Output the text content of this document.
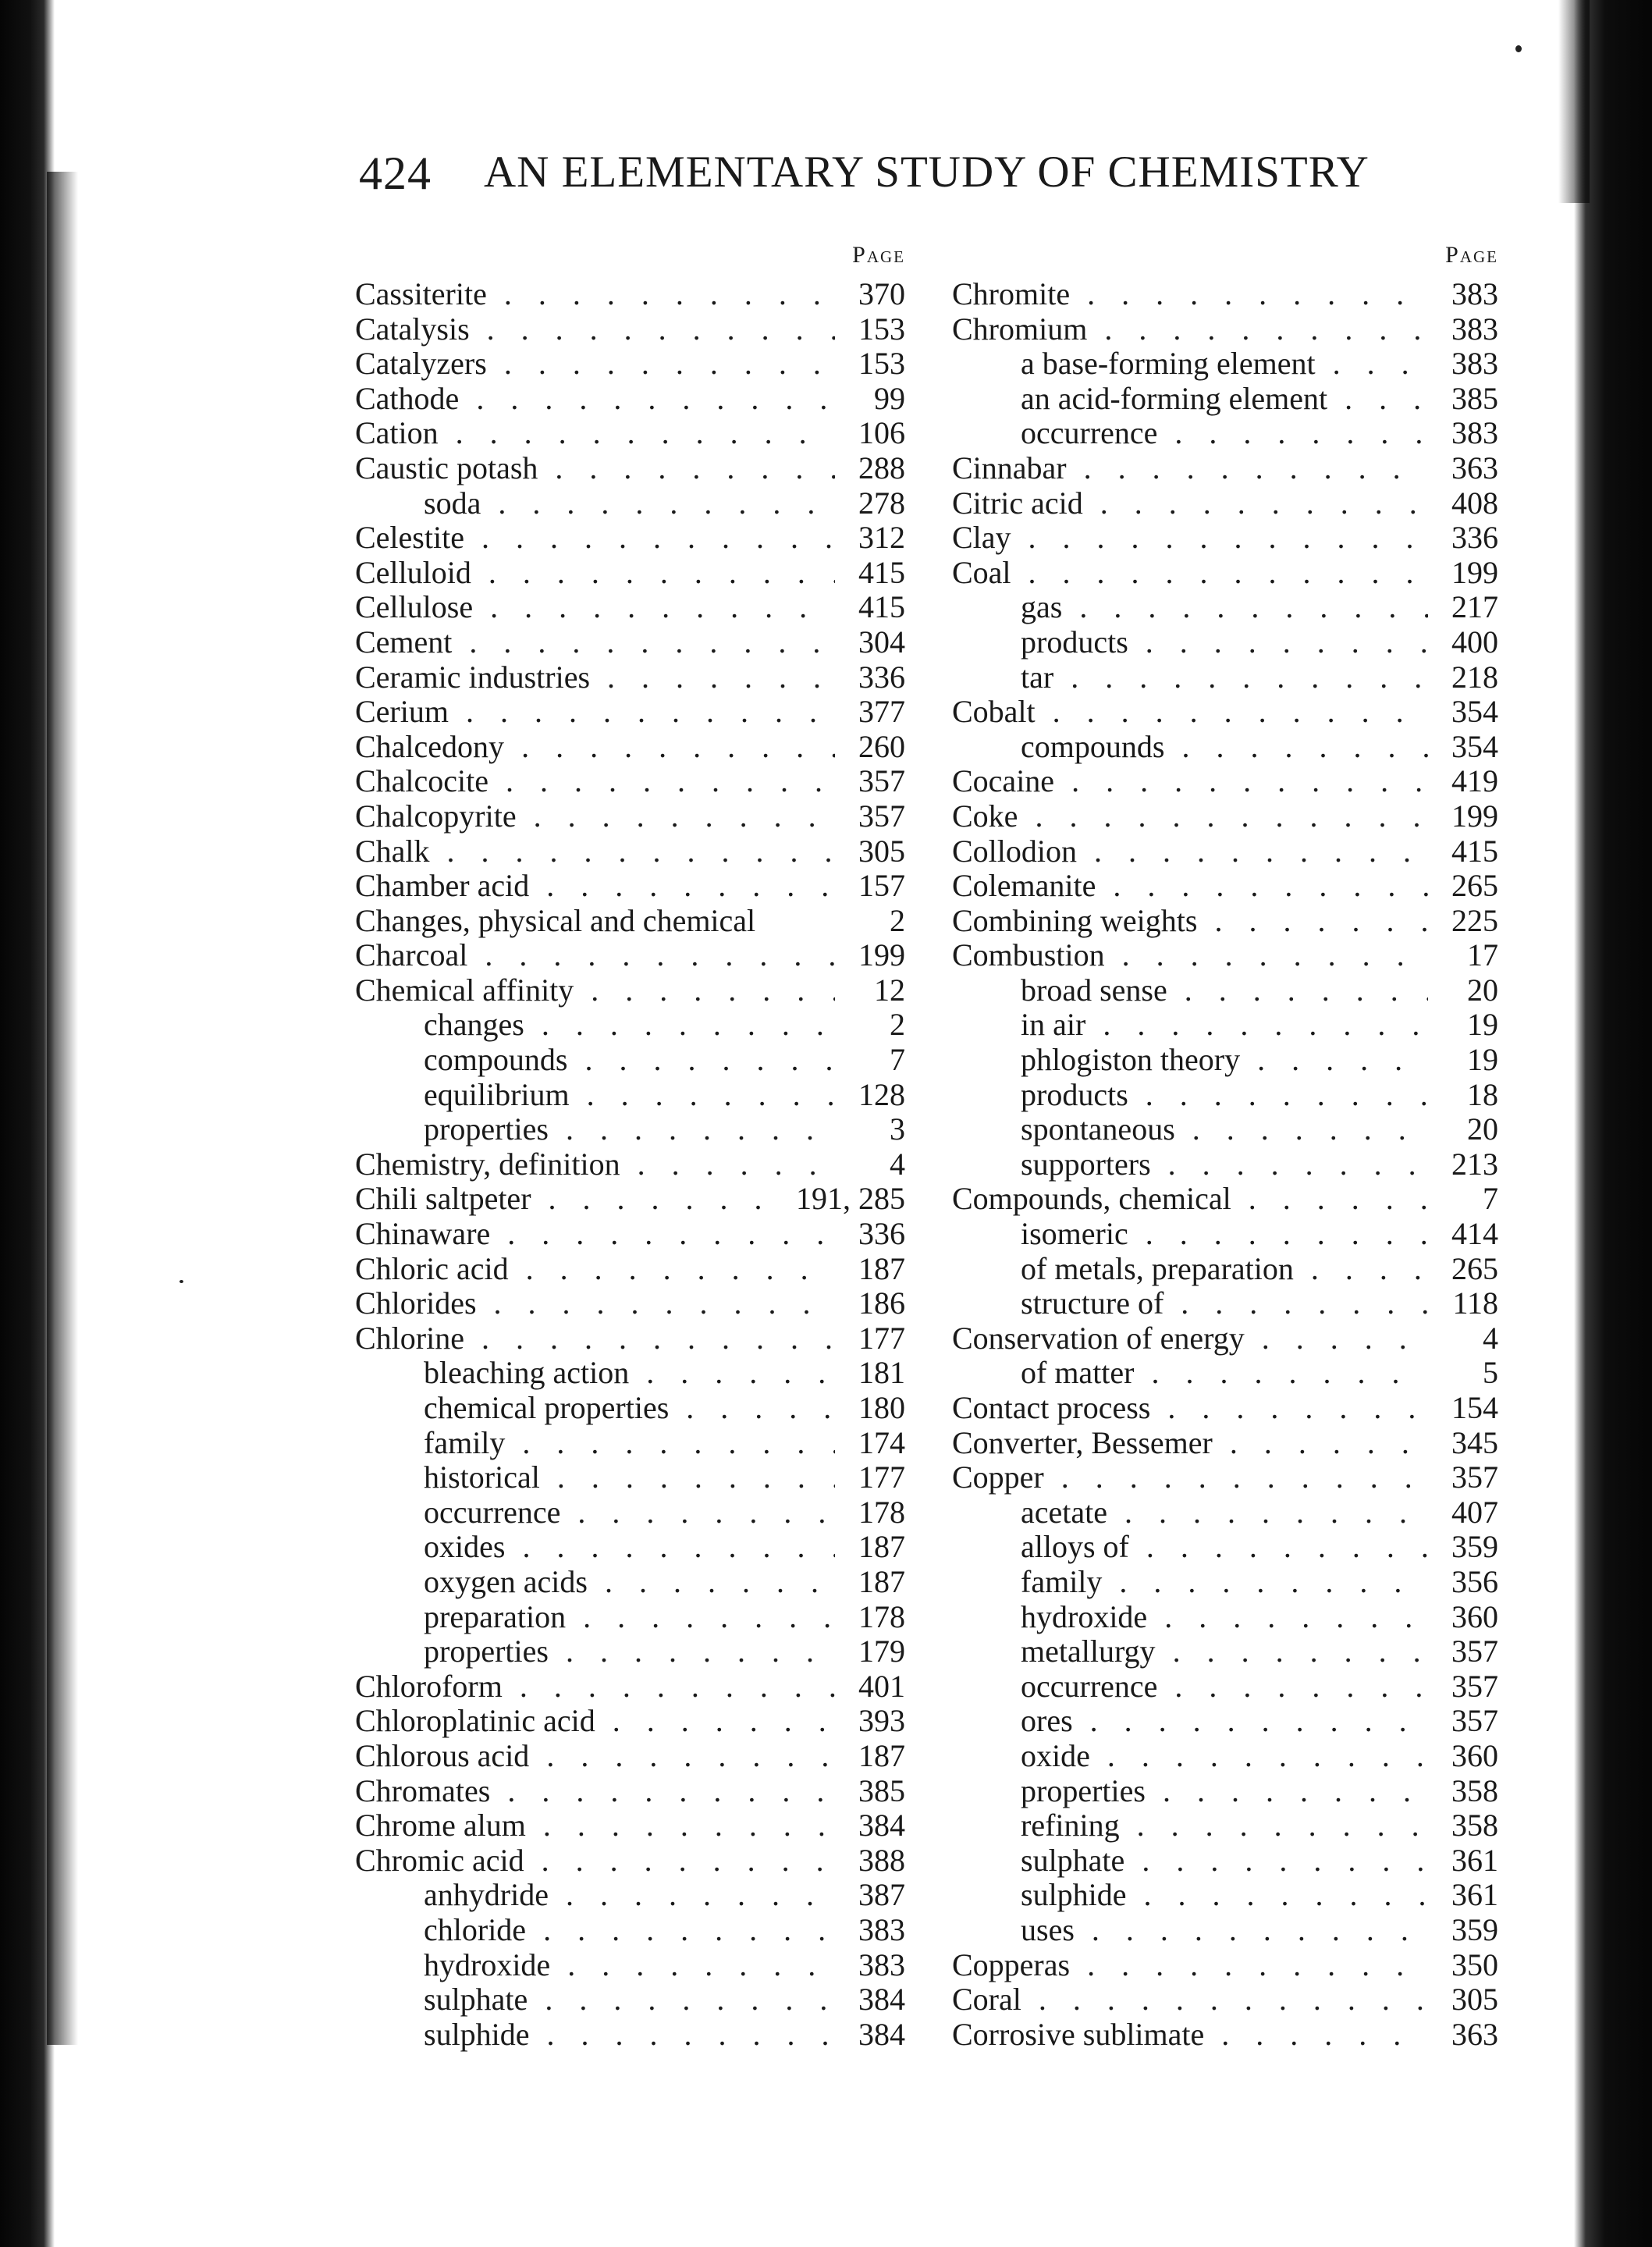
424 AN ELEMENTARY STUDY OF CHEMISTRY
Page
Cassiterite . . .	370
Catalysis . . .	153
Catalyzers . . .	153
Cathode . . .	99
Cation . . .	106
Caustic potash . . .	288
soda . . .	278
Celestite . . .	312
Celluloid . . .	415
Cellulose . . .	415
Cement . . .	304
Ceramic industries . . .	336
Cerium . . .	377
Chalcedony . . .	260
Chalcocite . . .	357
Chalcopyrite . . .	357
Chalk . . .	305
Chamber acid . . .	157
Changes, physical and chemical	2
Charcoal . . .	199
Chemical affinity . . .	12
changes . . .	2
compounds . . .	7
equilibrium . . .	128
properties . . .	3
Chemistry, definition . . .	4
Chili saltpeter . . .	191, 285
Chinaware . . .	336
Chloric acid . . .	187
Chlorides . . .	186
Chlorine . . .	177
bleaching action . . .	181
chemical properties . . .	180
family . . .	174
historical . . .	177
occurrence . . .	178
oxides . . .	187
oxygen acids . . .	187
preparation . . .	178
properties . . .	179
Chloroform . . .	401
Chloroplatinic acid . . .	393
Chlorous acid . . .	187
Chromates . . .	385
Chrome alum . . .	384
Chromic acid . . .	388
anhydride . . .	387
chloride . . .	383
hydroxide . . .	383
sulphate . . .	384
sulphide . . .	384
Page
Chromite . . .	383
Chromium . . .	383
a base-forming element . . .	383
an acid-forming element . . .	385
occurrence . . .	383
Cinnabar . . .	363
Citric acid . . .	408
Clay . . .	336
Coal . . .	199
gas . . .	217
products . . .	400
tar . . .	218
Cobalt . . .	354
compounds . . .	354
Cocaine . . .	419
Coke . . .	199
Collodion . . .	415
Colemanite . . .	265
Combining weights . . .	225
Combustion . . .	17
broad sense . . .	20
in air . . .	19
phlogiston theory . . .	19
products . . .	18
spontaneous . . .	20
supporters . . .	213
Compounds, chemical . . .	7
isomeric . . .	414
of metals, preparation . . .	265
structure of . . .	118
Conservation of energy . . .	4
of matter . . .	5
Contact process . . .	154
Converter, Bessemer . . .	345
Copper . . .	357
acetate . . .	407
alloys of . . .	359
family . . .	356
hydroxide . . .	360
metallurgy . . .	357
occurrence . . .	357
ores . . .	357
oxide . . .	360
properties . . .	358
refining . . .	358
sulphate . . .	361
sulphide . . .	361
uses . . .	359
Copperas . . .	350
Coral . . .	305
Corrosive sublimate . . .	363
